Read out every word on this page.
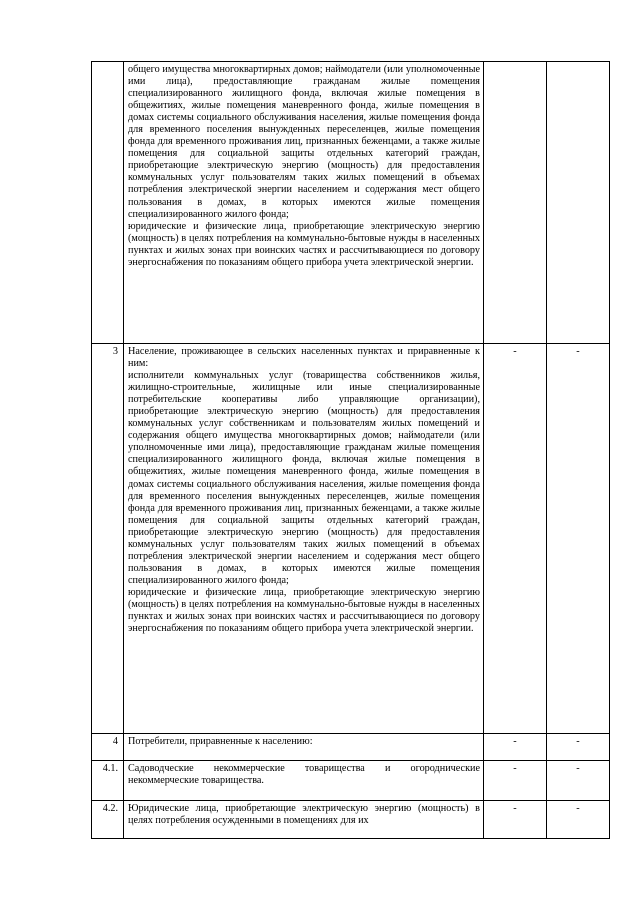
	общего имущества многоквартирных домов; наймодатели (или уполномоченные ими лица), предоставляющие гражданам жилые помещения специализированного жилищного фонда, включая жилые помещения в общежитиях, жилые помещения маневренного фонда, жилые помещения в домах системы социального обслуживания населения, жилые помещения фонда для временного поселения вынужденных переселенцев, жилые помещения фонда для временного проживания лиц, признанных беженцами, а также жилые помещения для социальной защиты отдельных категорий граждан, приобретающие электрическую энергию (мощность) для предоставления коммунальных услуг пользователям таких жилых помещений в объемах потребления электрической энергии населением и содержания мест общего пользования в домах, в которых имеются жилые помещения специализированного жилого фонда;

юридические и физические лица, приобретающие электрическую энергию (мощность) в целях потребления на коммунально-бытовые нужды в населенных пунктах и жилых зонах при воинских частях и рассчитывающиеся по договору энергоснабжения по показаниям общего прибора учета электрической энергии.		

3	Население, проживающее в сельских населенных пунктах и приравненные к ним:

исполнители коммунальных услуг (товарищества собственников жилья, жилищно-строительные, жилищные или иные специализированные потребительские кооперативы либо управляющие организации), приобретающие электрическую энергию (мощность) для предоставления коммунальных услуг собственникам и пользователям жилых помещений и содержания общего имущества многоквартирных домов; наймодатели (или уполномоченные ими лица), предоставляющие гражданам жилые помещения специализированного жилищного фонда, включая жилые помещения в общежитиях, жилые помещения маневренного фонда, жилые помещения в домах системы социального обслуживания населения, жилые помещения фонда для временного поселения вынужденных переселенцев, жилые помещения фонда для временного проживания лиц, признанных беженцами, а также жилые помещения для социальной защиты отдельных категорий граждан, приобретающие электрическую энергию (мощность) для предоставления коммунальных услуг пользователям таких жилых помещений в объемах потребления электрической энергии населением и содержания мест общего пользования в домах, в которых имеются жилые помещения специализированного жилого фонда;

юридические и физические лица, приобретающие электрическую энергию (мощность) в целях потребления на коммунально-бытовые нужды в населенных пунктах и жилых зонах при воинских частях и рассчитывающиеся по договору энергоснабжения по показаниям общего прибора учета электрической энергии.	-	-

4	Потребители, приравненные к населению:	-	-

4.1.	Садоводческие некоммерческие товарищества и огороднические некоммерческие товарищества.	-	-

4.2.	Юридические лица, приобретающие электрическую энергию (мощность) в целях потребления осужденными в помещениях для их	-	-
